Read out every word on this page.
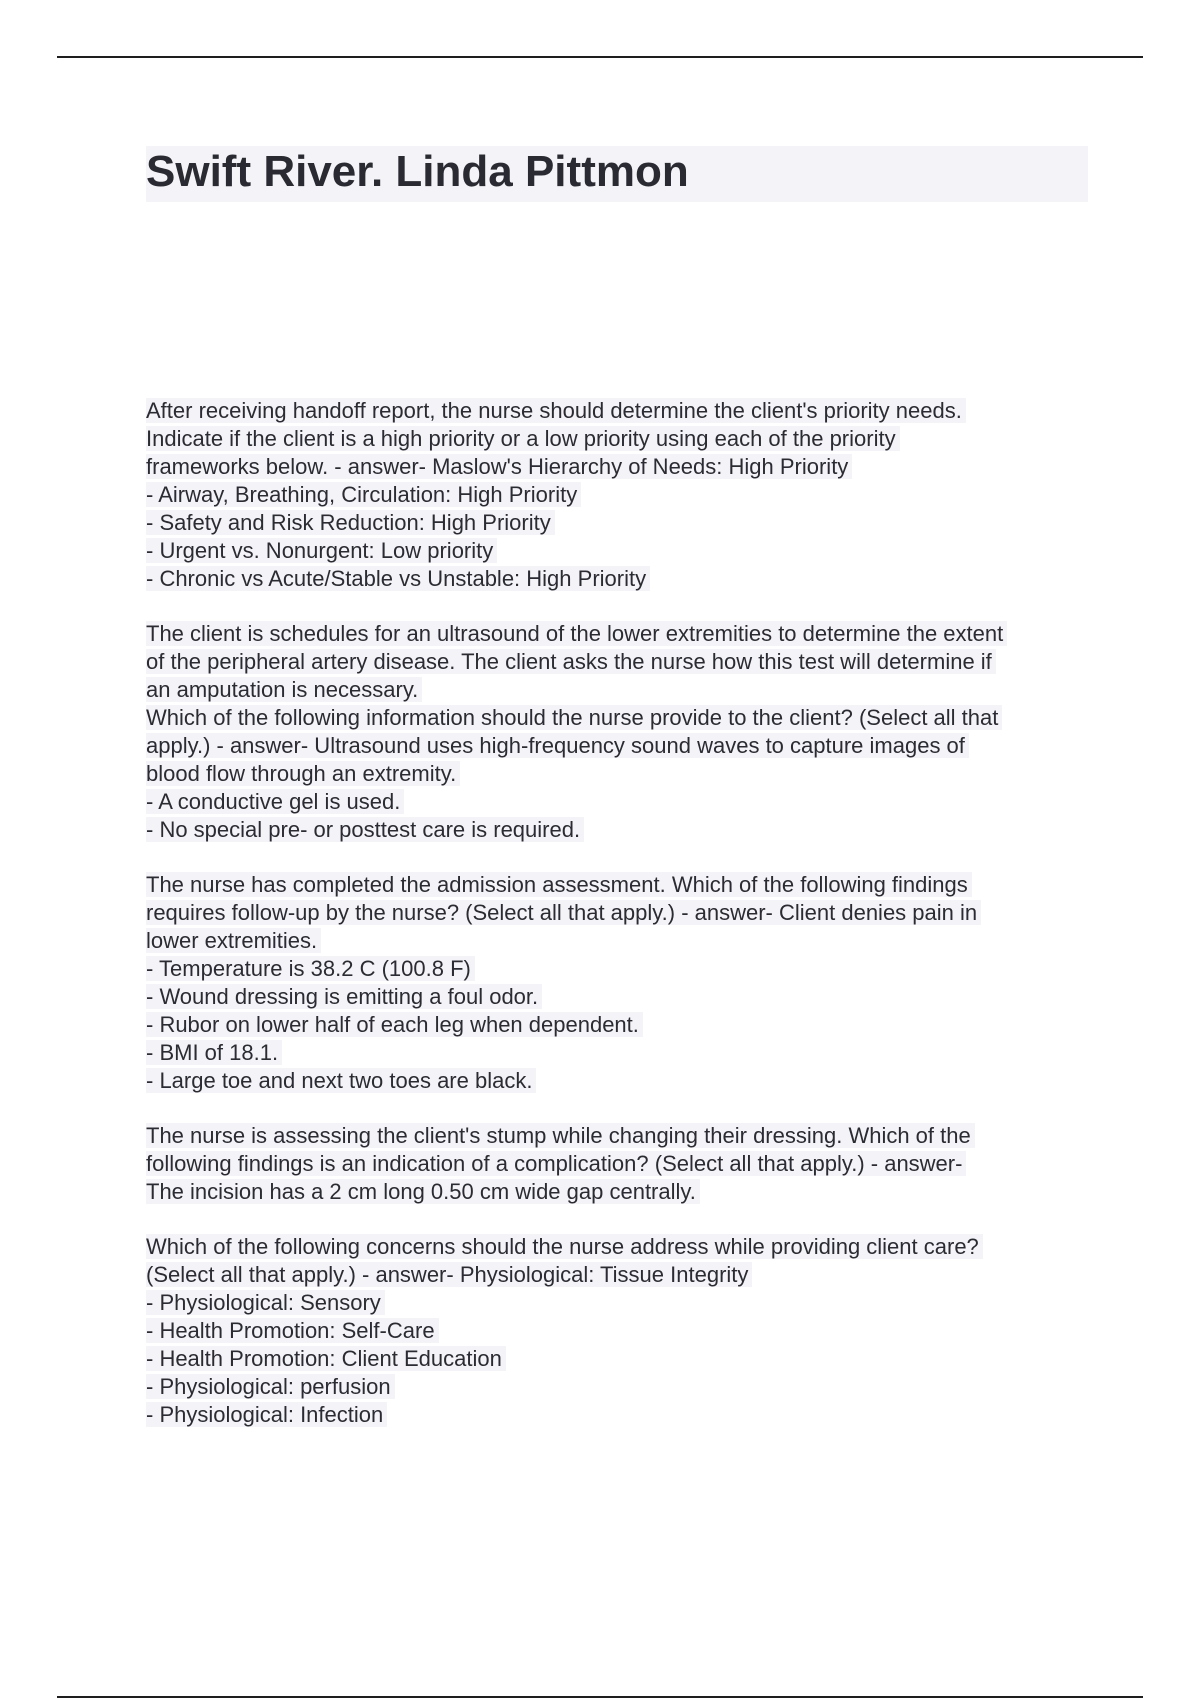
Swift River. Linda Pittmon
After receiving handoff report, the nurse should determine the client's priority needs.
Indicate if the client is a high priority or a low priority using each of the priority
frameworks below. - answer- Maslow's Hierarchy of Needs: High Priority
- Airway, Breathing, Circulation: High Priority
- Safety and Risk Reduction: High Priority
- Urgent vs. Nonurgent: Low priority
- Chronic vs Acute/Stable vs Unstable: High Priority
The client is schedules for an ultrasound of the lower extremities to determine the extent
of the peripheral artery disease. The client asks the nurse how this test will determine if
an amputation is necessary.
Which of the following information should the nurse provide to the client? (Select all that
apply.) - answer- Ultrasound uses high-frequency sound waves to capture images of
blood flow through an extremity.
- A conductive gel is used.
- No special pre- or posttest care is required.
The nurse has completed the admission assessment. Which of the following findings
requires follow-up by the nurse? (Select all that apply.) - answer- Client denies pain in
lower extremities.
- Temperature is 38.2 C (100.8 F)
- Wound dressing is emitting a foul odor.
- Rubor on lower half of each leg when dependent.
- BMI of 18.1.
- Large toe and next two toes are black.
The nurse is assessing the client's stump while changing their dressing. Which of the
following findings is an indication of a complication? (Select all that apply.) - answer-
The incision has a 2 cm long 0.50 cm wide gap centrally.
Which of the following concerns should the nurse address while providing client care?
(Select all that apply.) - answer- Physiological: Tissue Integrity
- Physiological: Sensory
- Health Promotion: Self-Care
- Health Promotion: Client Education
- Physiological: perfusion
- Physiological: Infection
